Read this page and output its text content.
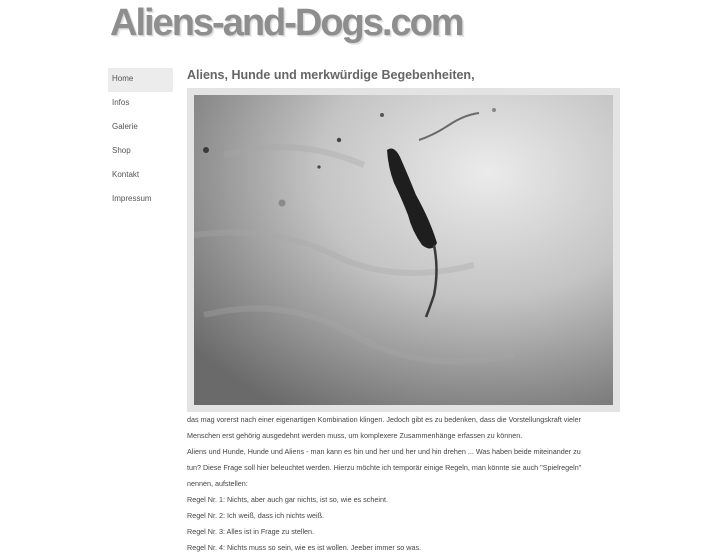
Aliens-and-Dogs.com
Home
Infos
Galerie
Shop
Kontakt
Impressum
Aliens, Hunde und merkwürdige Begebenheiten,
das mag vorerst nach einer eigenartigen Kombination klingen. Jedoch gibt es zu bedenken, dass die Vorstellungskraft vieler
Menschen erst gehörig ausgedehnt werden muss, um komplexere Zusammenhänge erfassen zu können.
Aliens und Hunde, Hunde und Aliens - man kann es hin und her und her und hin drehen ... Was haben beide miteinander zu
tun? Diese Frage soll hier beleuchtet werden. Hierzu möchte ich temporär einige Regeln, man könnte sie auch "Spielregeln"
nennen, aufstellen:
Regel Nr. 1: Nichts, aber auch gar nichts, ist so, wie es scheint.
Regel Nr. 2: Ich weiß, dass ich nichts weiß.
Regel Nr. 3: Alles ist in Frage zu stellen.
Regel Nr. 4: Nichts muss so sein, wie es ist wollen. Jeeber immer so was.
